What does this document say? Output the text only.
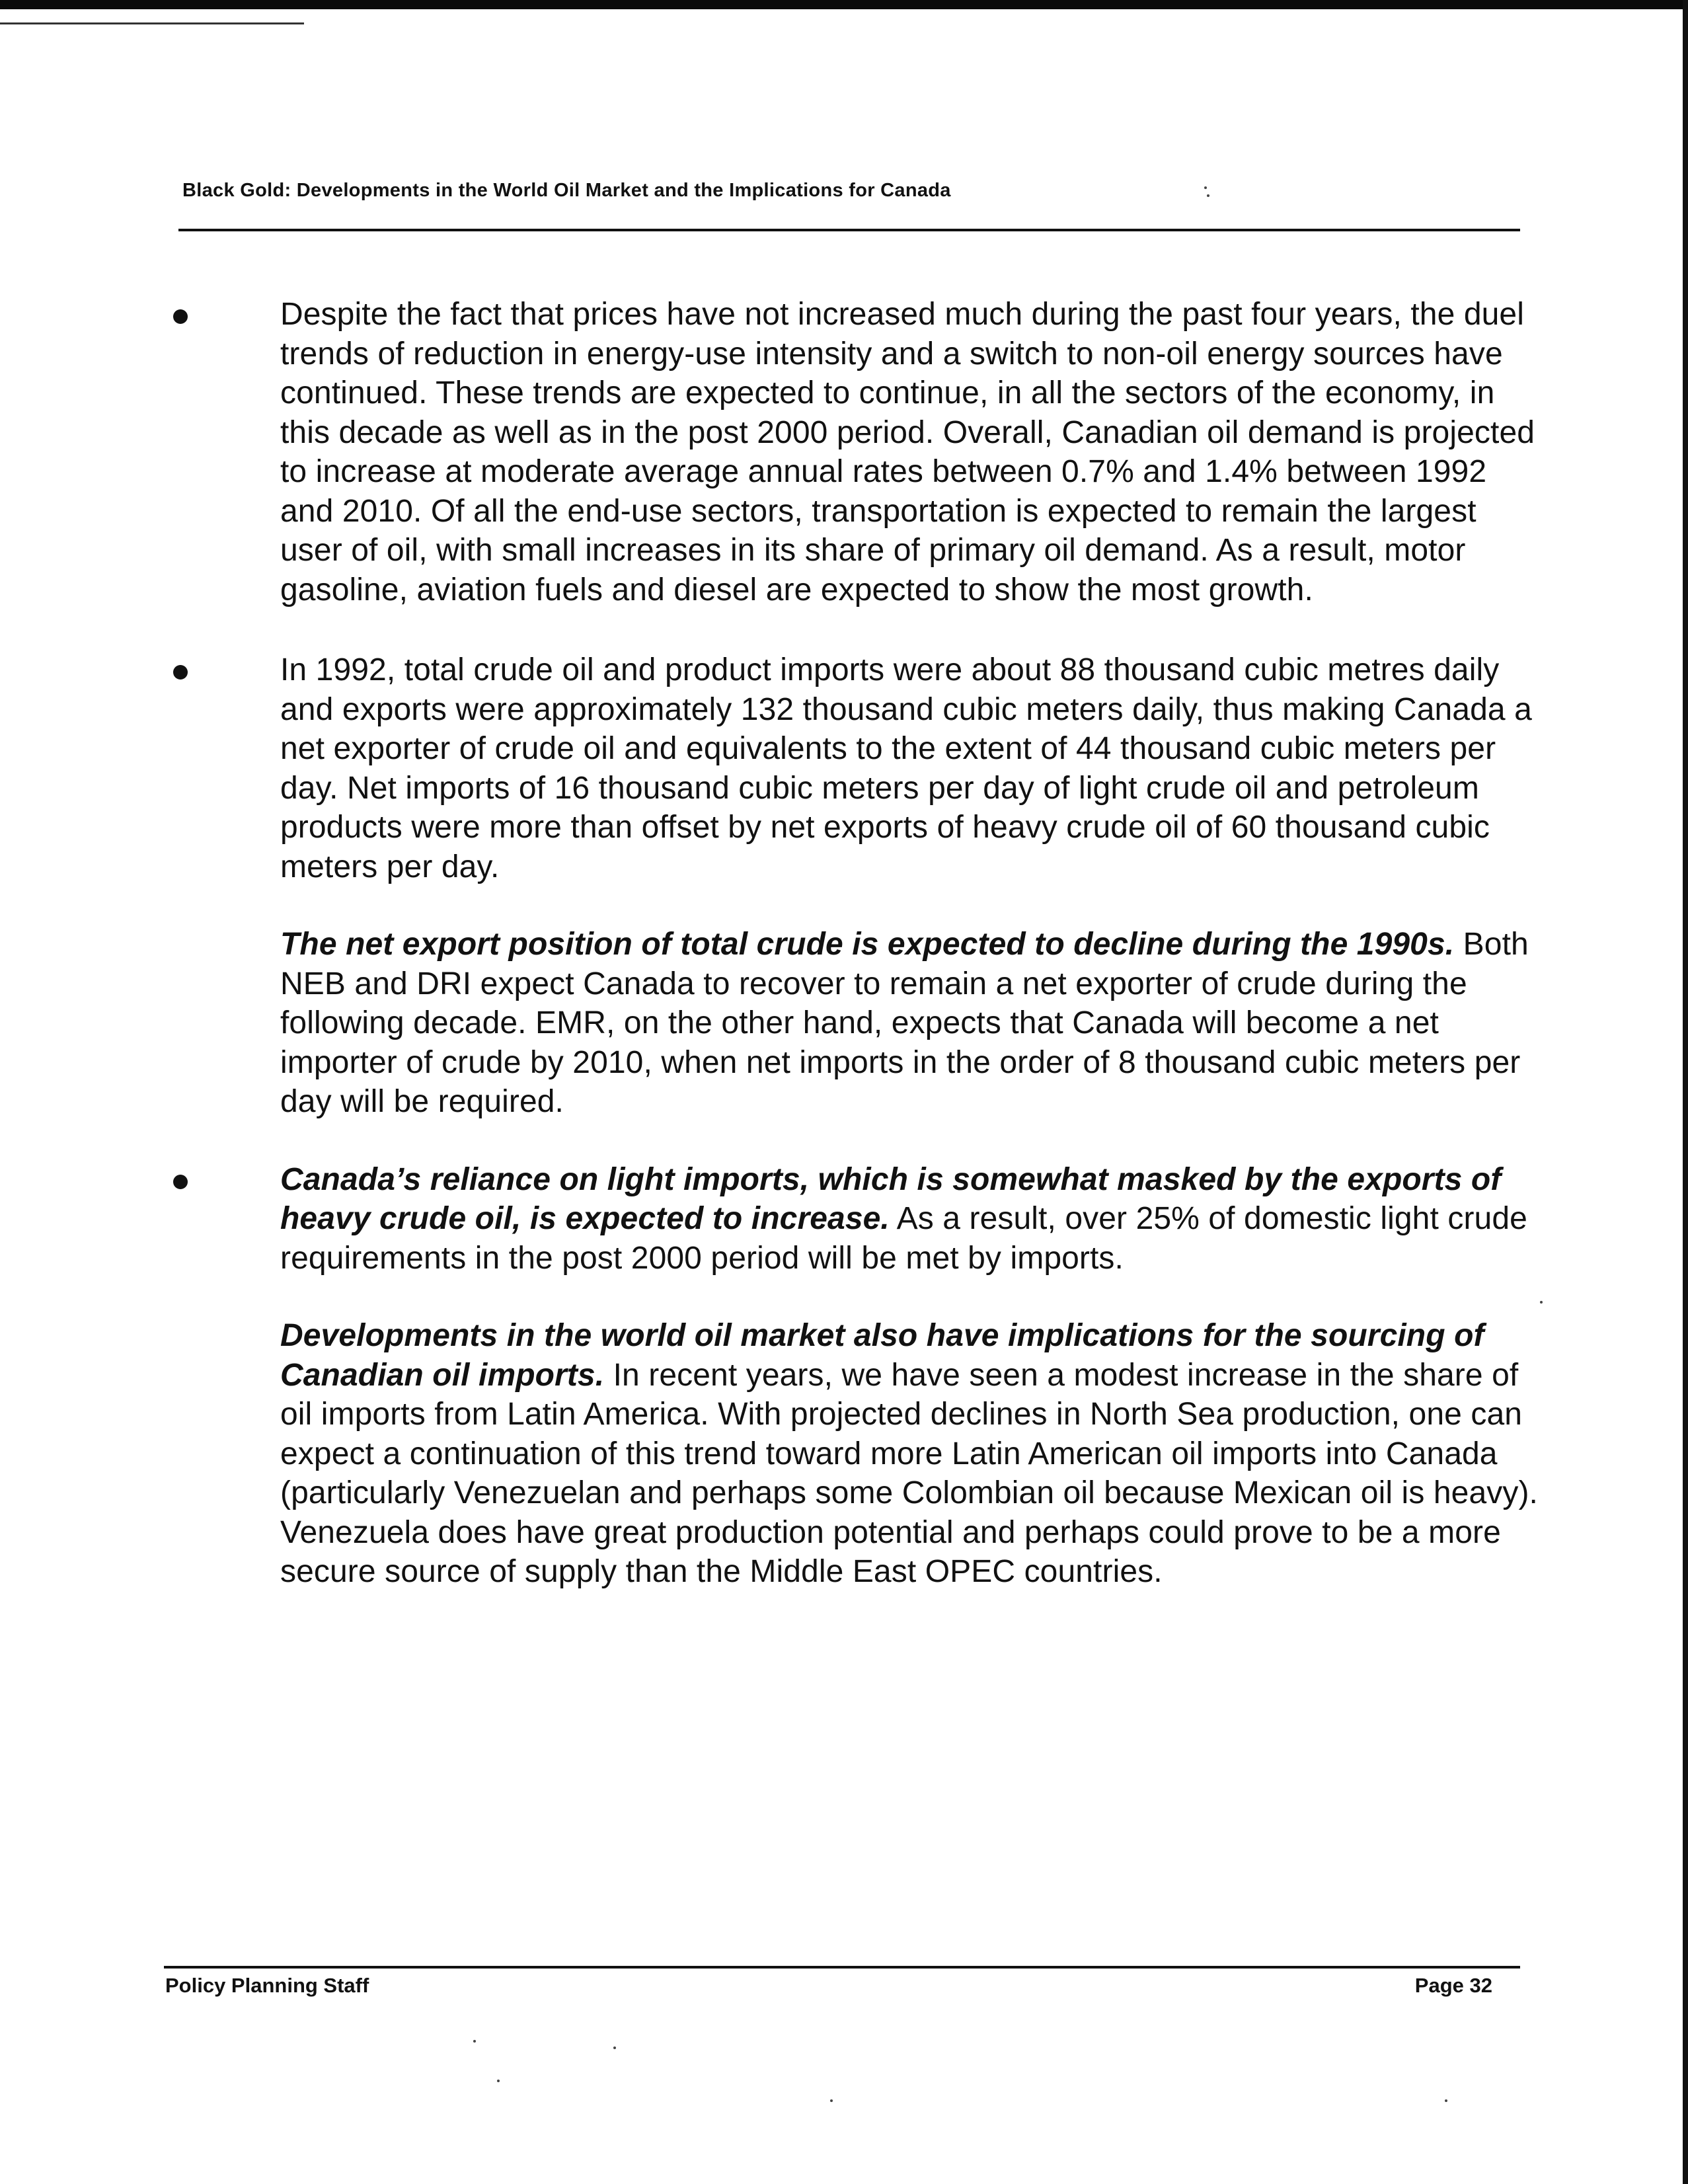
Black Gold: Developments in the World Oil Market and the Implications for Canada

Despite the fact that prices have not increased much during the past four years, the duel trends of reduction in energy-use intensity and a switch to non-oil energy sources have continued. These trends are expected to continue, in all the sectors of the economy, in this decade as well as in the post 2000 period. Overall, Canadian oil demand is projected to increase at moderate average annual rates between 0.7% and 1.4% between 1992 and 2010. Of all the end-use sectors, transportation is expected to remain the largest user of oil, with small increases in its share of primary oil demand. As a result, motor gasoline, aviation fuels and diesel are expected to show the most growth.

In 1992, total crude oil and product imports were about 88 thousand cubic metres daily and exports were approximately 132 thousand cubic meters daily, thus making Canada a net exporter of crude oil and equivalents to the extent of 44 thousand cubic meters per day. Net imports of 16 thousand cubic meters per day of light crude oil and petroleum products were more than offset by net exports of heavy crude oil of 60 thousand cubic meters per day.

The net export position of total crude is expected to decline during the 1990s. Both NEB and DRI expect Canada to recover to remain a net exporter of crude during the following decade. EMR, on the other hand, expects that Canada will become a net importer of crude by 2010, when net imports in the order of 8 thousand cubic meters per day will be required.

Canada’s reliance on light imports, which is somewhat masked by the exports of heavy crude oil, is expected to increase. As a result, over 25% of domestic light crude requirements in the post 2000 period will be met by imports.

Developments in the world oil market also have implications for the sourcing of Canadian oil imports. In recent years, we have seen a modest increase in the share of oil imports from Latin America. With projected declines in North Sea production, one can expect a continuation of this trend toward more Latin American oil imports into Canada (particularly Venezuelan and perhaps some Colombian oil because Mexican oil is heavy). Venezuela does have great production potential and perhaps could prove to be a more secure source of supply than the Middle East OPEC countries.

Policy Planning Staff	Page 32
